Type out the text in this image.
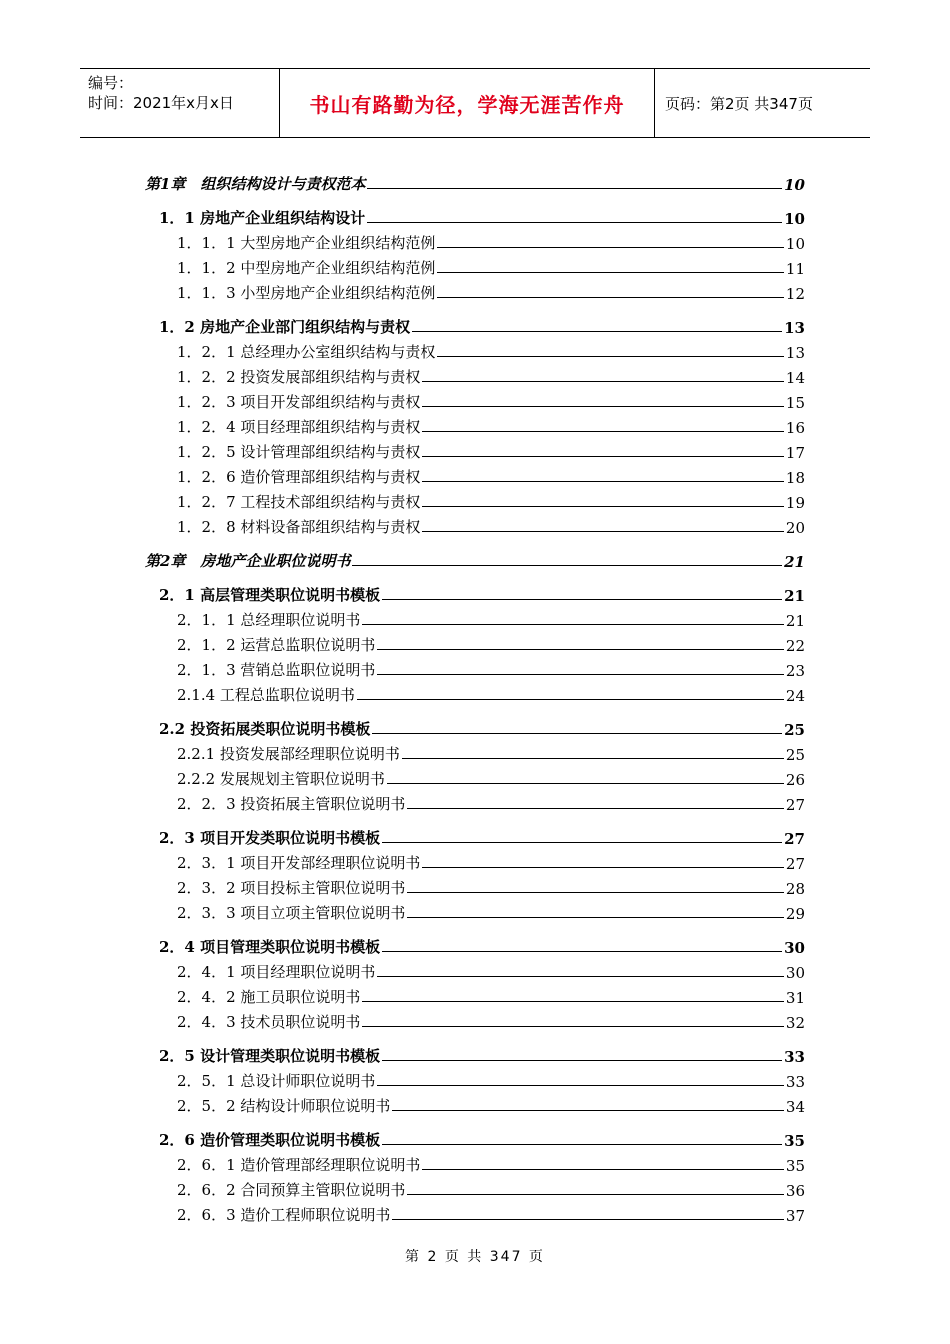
编号：
时间：2021年x月x日	书山有路勤为径，学海无涯苦作舟	页码：第2页 共347页
第1章　组织结构设计与责权范本	10
1．1 房地产企业组织结构设计	10
1．1．1 大型房地产企业组织结构范例	10
1．1．2 中型房地产企业组织结构范例	11
1．1．3 小型房地产企业组织结构范例	12
1．2 房地产企业部门组织结构与责权	13
1．2．1 总经理办公室组织结构与责权	13
1．2．2 投资发展部组织结构与责权	14
1．2．3 项目开发部组织结构与责权	15
1．2．4 项目经理部组织结构与责权	16
1．2．5 设计管理部组织结构与责权	17
1．2．6 造价管理部组织结构与责权	18
1．2．7 工程技术部组织结构与责权	19
1．2．8 材料设备部组织结构与责权	20
第2章　房地产企业职位说明书	21
2．1 高层管理类职位说明书模板	21
2．1．1 总经理职位说明书	21
2．1．2 运营总监职位说明书	22
2．1．3 营销总监职位说明书	23
2.1.4 工程总监职位说明书	24
2.2 投资拓展类职位说明书模板	25
2.2.1 投资发展部经理职位说明书	25
2.2.2 发展规划主管职位说明书	26
2．2．3 投资拓展主管职位说明书	27
2．3 项目开发类职位说明书模板	27
2．3．1 项目开发部经理职位说明书	27
2．3．2 项目投标主管职位说明书	28
2．3．3 项目立项主管职位说明书	29
2．4 项目管理类职位说明书模板	30
2．4．1 项目经理职位说明书	30
2．4．2 施工员职位说明书	31
2．4．3 技术员职位说明书	32
2．5 设计管理类职位说明书模板	33
2．5．1 总设计师职位说明书	33
2．5．2 结构设计师职位说明书	34
2．6 造价管理类职位说明书模板	35
2．6．1 造价管理部经理职位说明书	35
2．6．2 合同预算主管职位说明书	36
2．6．3 造价工程师职位说明书	37
第 2 页 共 347 页
